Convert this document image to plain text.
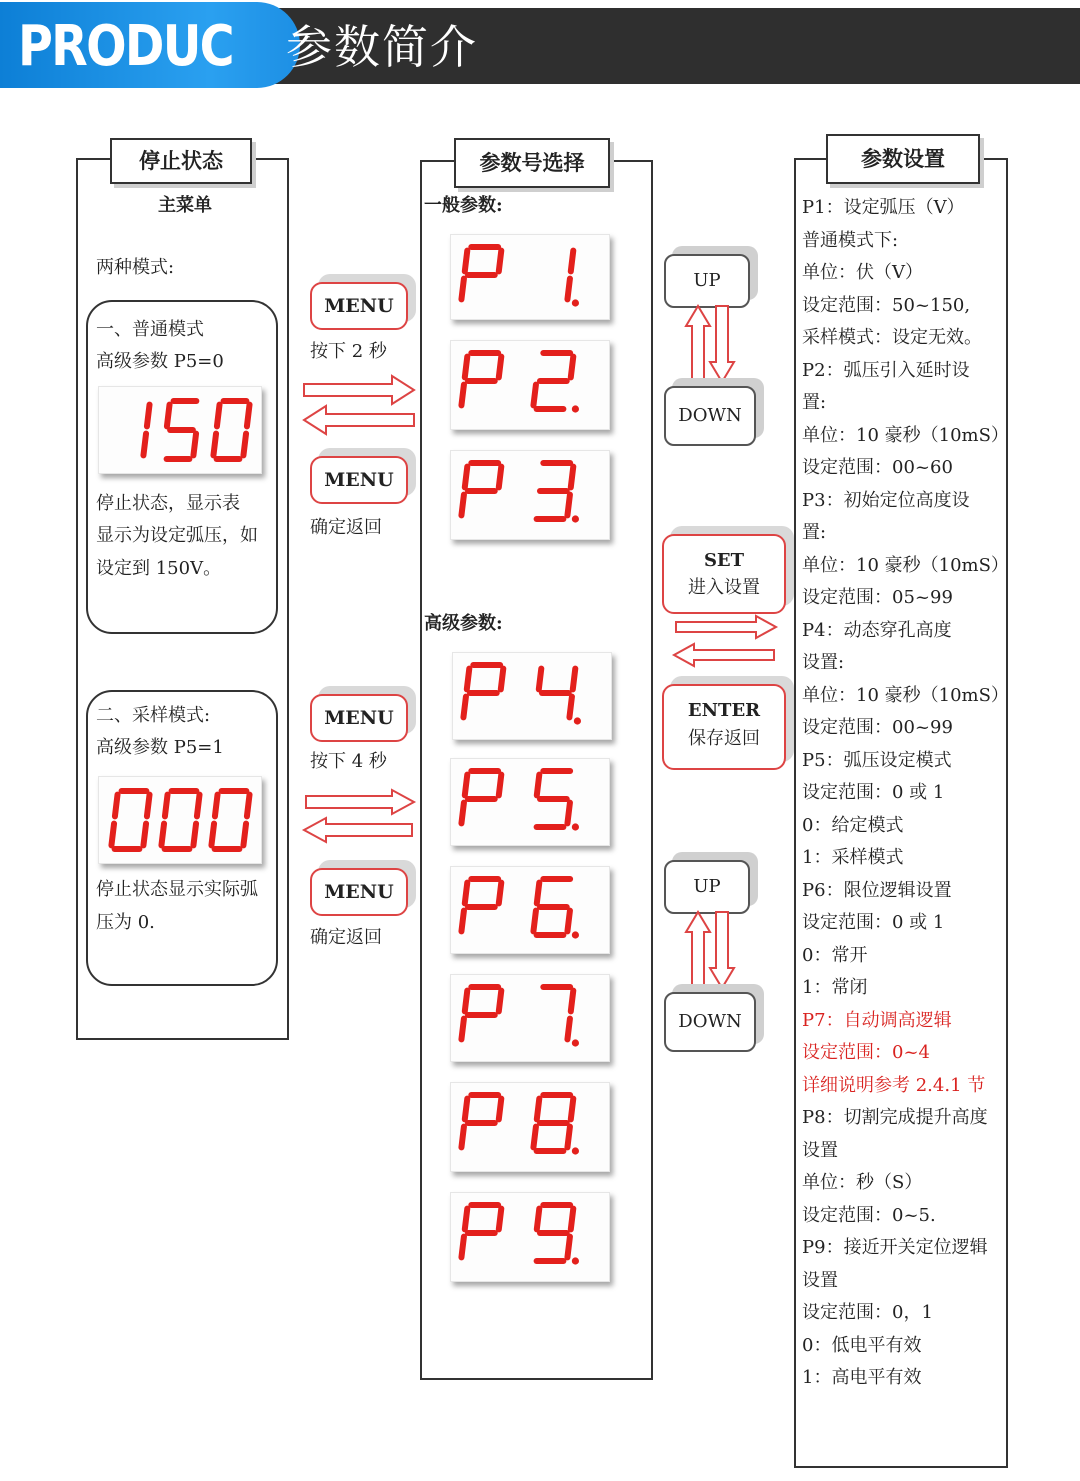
PRODUC 参数简介
停止状态
主菜单
两种模式:
一、普通模式
高级参数 P5=0
停止状态，显示表
显示为设定弧压，如
设定到 150V。
二、采样模式:
高级参数 P5=1
停止状态显示实际弧
压为 0.
MENU
按下 2 秒
MENU
确定返回
MENU
按下 4 秒
MENU
确定返回
参数号选择
一般参数:
高级参数:
UP
DOWN
SET
进入设置
ENTER
保存返回
UP
DOWN
参数设置
P1：设定弧压（V）
普通模式下:
单位：伏（V）
设定范围：50~150,
采样模式：设定无效。
P2：弧压引入延时设
置:
单位：10 豪秒（10mS）
设定范围：00~60
P3：初始定位高度设
置:
单位：10 豪秒（10mS）
设定范围：05~99
P4：动态穿孔高度
设置:
单位：10 豪秒（10mS）
设定范围：00~99
P5：弧压设定模式
设定范围：0 或 1
0：给定模式
1：采样模式
P6：限位逻辑设置
设定范围：0 或 1
0：常开
1：常闭
P7：自动调高逻辑
设定范围：0~4
详细说明参考 2.4.1 节
P8：切割完成提升高度
设置
单位：秒（S）
设定范围：0~5.
P9：接近开关定位逻辑
设置
设定范围：0，1
0：低电平有效
1：高电平有效
